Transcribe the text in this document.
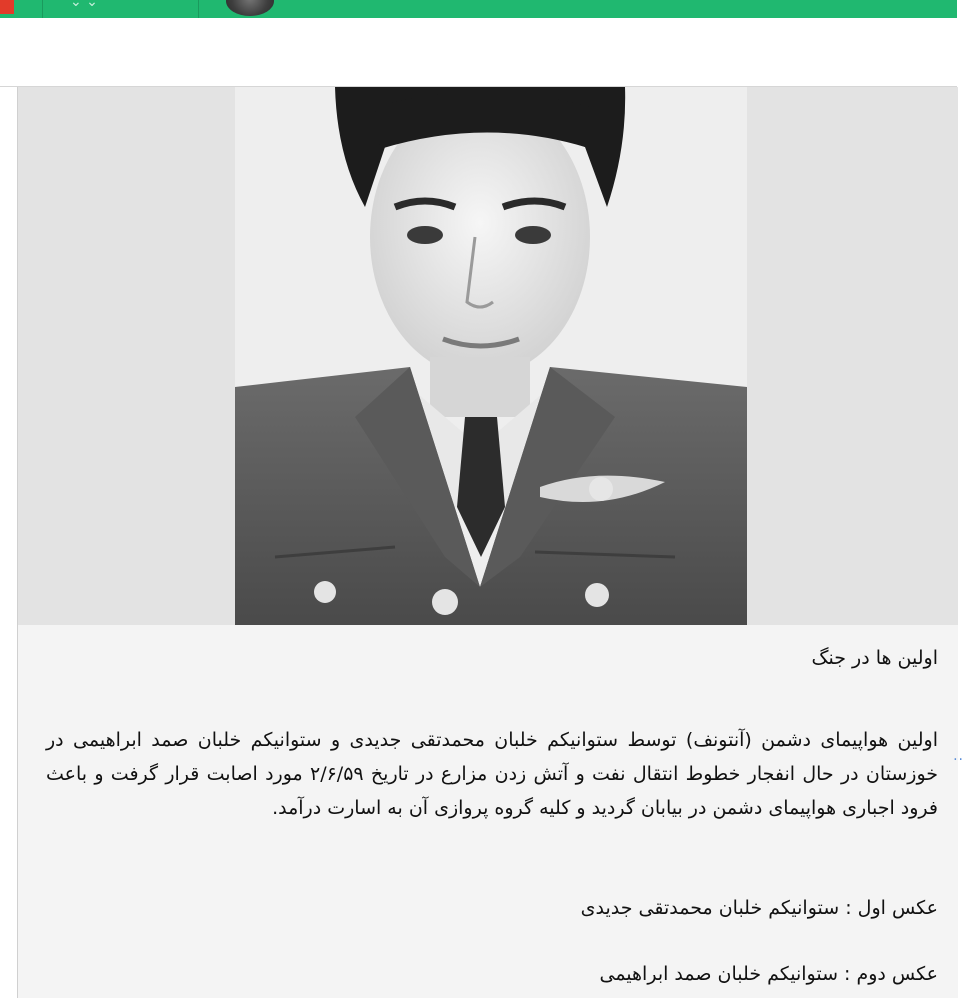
⌄ ⌄
اولین ها در جنگ
اولین هواپیمای دشمن (آنتونف) توسط ستوانیکم خلبان محمدتقی جدیدی و ستوانیکم خلبان صمد ابراهیمی در خوزستان در حال انفجار خطوط انتقال نفت و آتش زدن مزارع در تاریخ ۲/۶/۵۹ مورد اصابت قرار گرفت و باعث فرود اجباری هواپیمای دشمن در بیابان گردید و کلیه گروه پروازی آن به اسارت درآمد.
··
عکس اول : ستوانیکم خلبان محمدتقی جدیدی
عکس دوم : ستوانیکم خلبان صمد ابراهیمی
